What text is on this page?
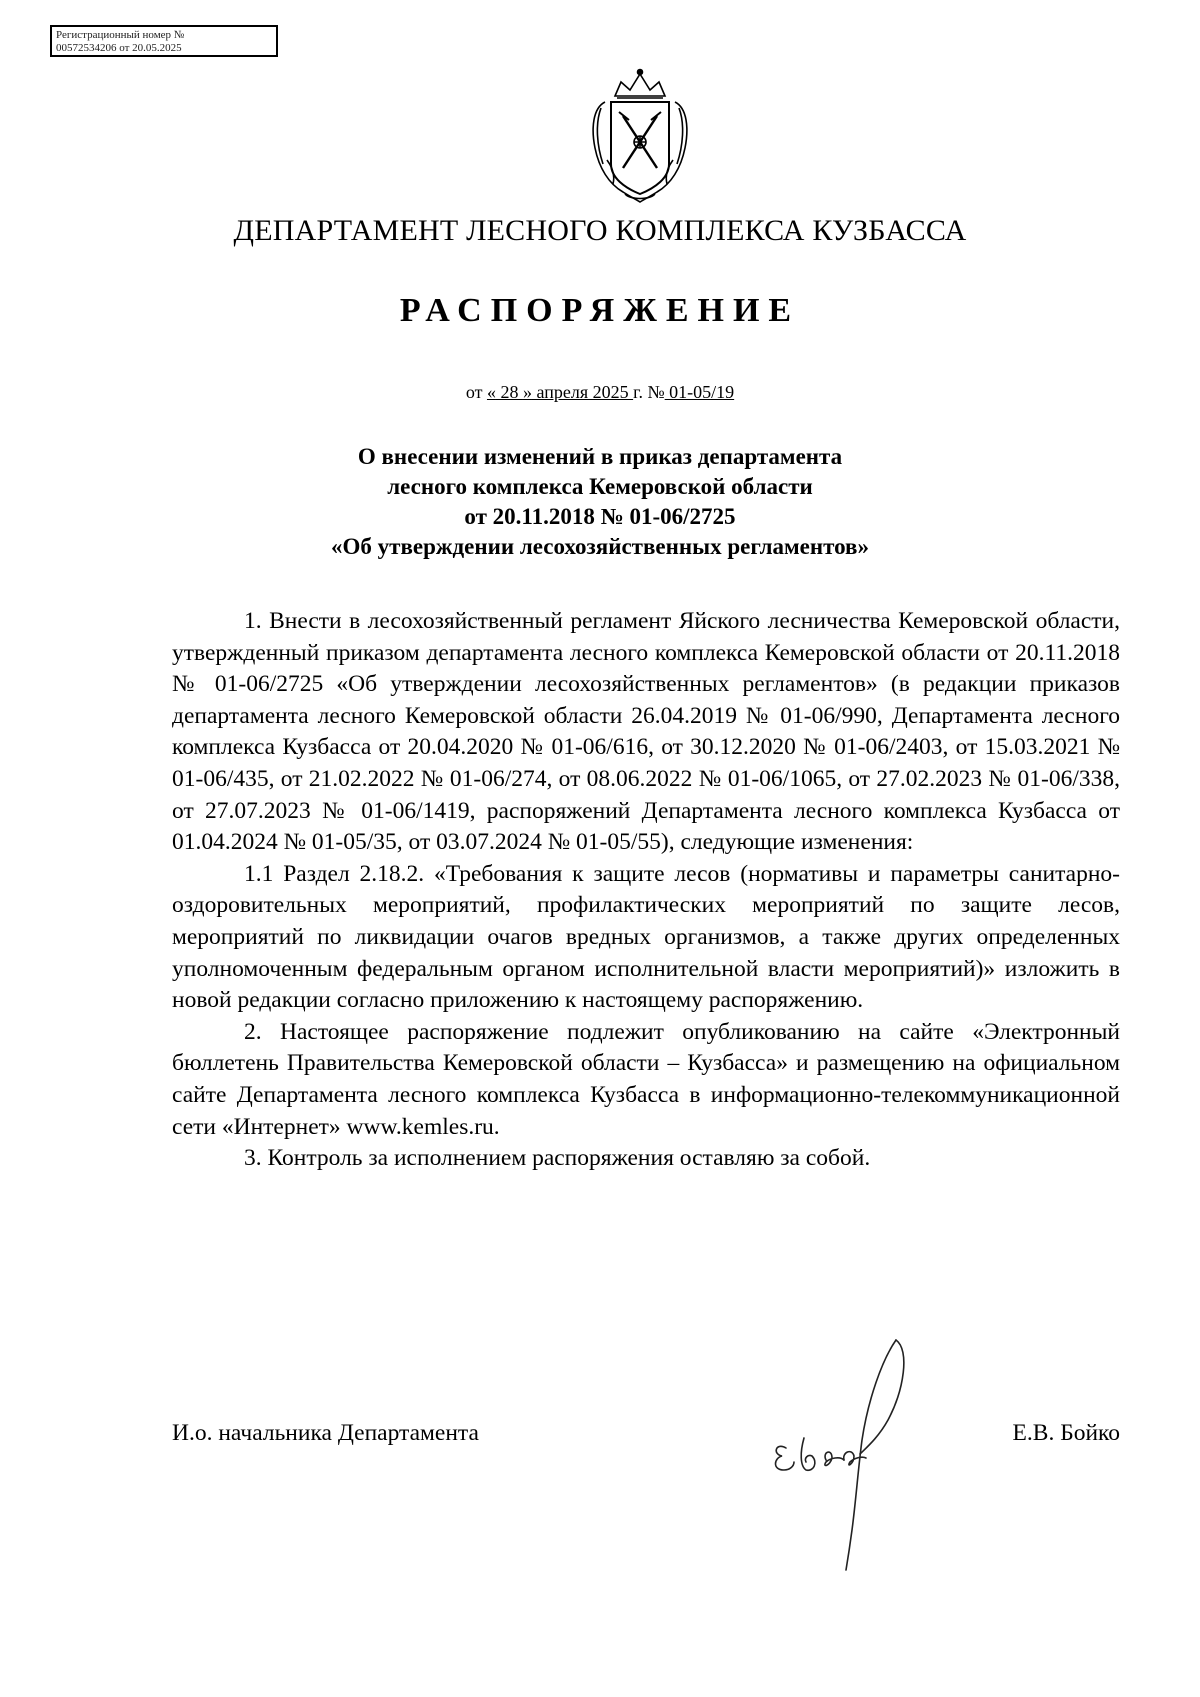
Регистрационный номер №
00572534206 от 20.05.2025
ДЕПАРТАМЕНТ ЛЕСНОГО КОМПЛЕКСА КУЗБАССА
РАСПОРЯЖЕНИЕ
от « 28 » апреля 2025 г. № 01-05/19
О внесении изменений в приказ департамента
лесного комплекса Кемеровской области
от 20.11.2018 № 01-06/2725
«Об утверждении лесохозяйственных регламентов»

1. Внести в лесохозяйственный регламент Яйского лесничества Кемеровской области, утвержденный приказом департамента лесного комплекса Кемеровской области от 20.11.2018 № 01-06/2725 «Об утверждении лесохозяйственных регламентов» (в редакции приказов департамента лесного Кемеровской области 26.04.2019 № 01-06/990, Департамента лесного комплекса Кузбасса от 20.04.2020 № 01-06/616, от 30.12.2020 № 01-06/2403, от 15.03.2021 № 01-06/435, от 21.02.2022 № 01-06/274, от 08.06.2022 № 01-06/1065, от 27.02.2023 № 01-06/338, от 27.07.2023 № 01-06/1419, распоряжений Департамента лесного комплекса Кузбасса от 01.04.2024 № 01-05/35, от 03.07.2024 № 01-05/55), следующие изменения:

1.1 Раздел 2.18.2. «Требования к защите лесов (нормативы и параметры санитарно-оздоровительных мероприятий, профилактических мероприятий по защите лесов, мероприятий по ликвидации очагов вредных организмов, а также других определенных уполномоченным федеральным органом исполнительной власти мероприятий)» изложить в новой редакции согласно приложению к настоящему распоряжению.

2. Настоящее распоряжение подлежит опубликованию на сайте «Электронный бюллетень Правительства Кемеровской области – Кузбасса» и размещению на официальном сайте Департамента лесного комплекса Кузбасса в информационно-телекоммуникационной сети «Интернет» www.kemles.ru.

3. Контроль за исполнением распоряжения оставляю за собой.

И.о. начальника Департамента	Е.В. Бойко
